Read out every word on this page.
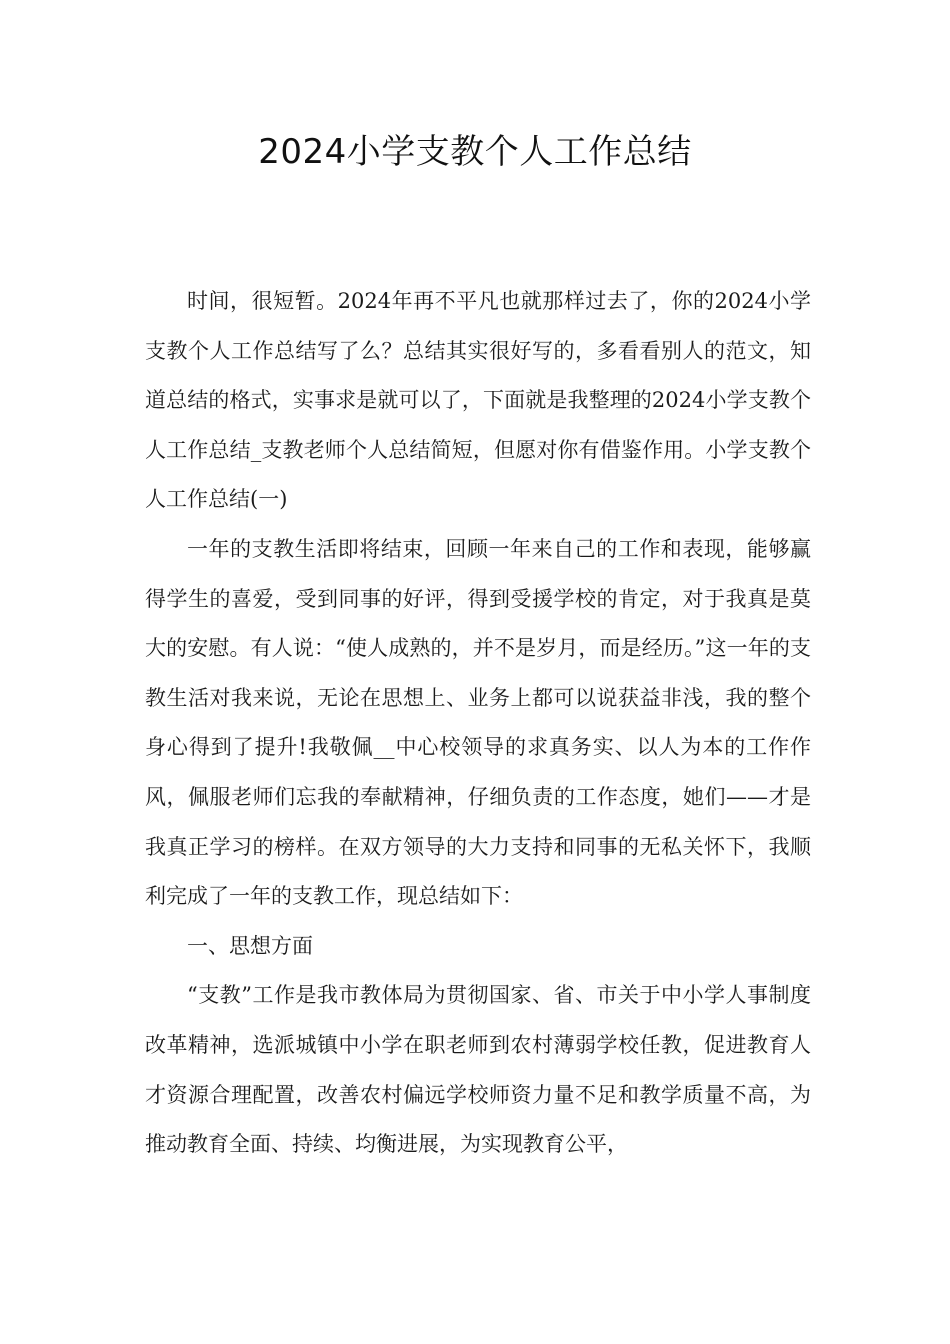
2024小学支教个人工作总结

时间，很短暂。2024年再不平凡也就那样过去了，你的2024小学支教个人工作总结写了么？总结其实很好写的，多看看别人的范文，知道总结的格式，实事求是就可以了，下面就是我整理的2024小学支教个人工作总结_支教老师个人总结简短，但愿对你有借鉴作用。小学支教个人工作总结(一)

一年的支教生活即将结束，回顾一年来自己的工作和表现，能够赢得学生的喜爱，受到同事的好评，得到受援学校的肯定，对于我真是莫大的安慰。有人说：“使人成熟的，并不是岁月，而是经历。”这一年的支教生活对我来说，无论在思想上、业务上都可以说获益非浅，我的整个身心得到了提升!我敬佩__中心校领导的求真务实、以人为本的工作作风，佩服老师们忘我的奉献精神，仔细负责的工作态度，她们——才是我真正学习的榜样。在双方领导的大力支持和同事的无私关怀下，我顺利完成了一年的支教工作，现总结如下：

一、思想方面

“支教”工作是我市教体局为贯彻国家、省、市关于中小学人事制度改革精神，选派城镇中小学在职老师到农村薄弱学校任教，促进教育人才资源合理配置，改善农村偏远学校师资力量不足和教学质量不高，为推动教育全面、持续、均衡进展，为实现教育公平，
